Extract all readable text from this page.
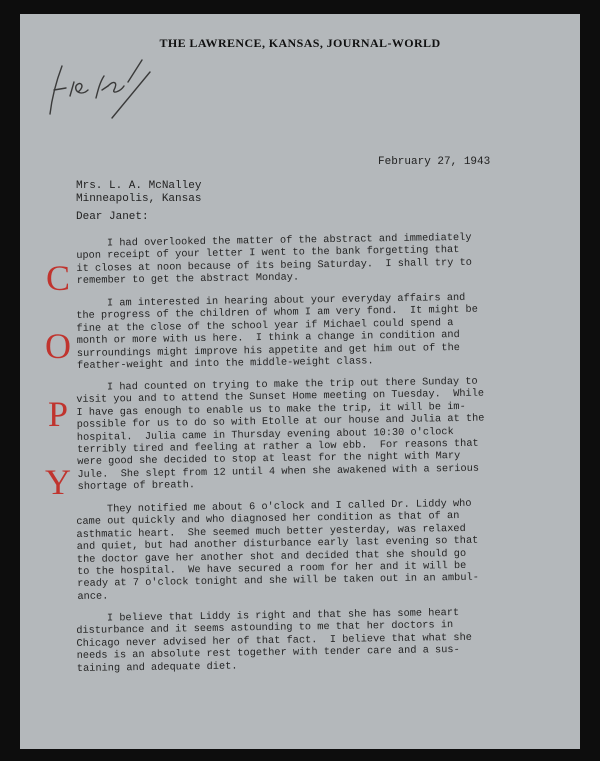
THE LAWRENCE, KANSAS, JOURNAL-WORLD
February 27, 1943
Mrs. L. A. McNalley
Minneapolis, Kansas
Dear Janet:
C
O
P
Y

I had overlooked the matter of the abstract and immediately
upon receipt of your letter I went to the bank forgetting that
it closes at noon because of its being Saturday.  I shall try to
remember to get the abstract Monday.

I am interested in hearing about your everyday affairs and
the progress of the children of whom I am very fond.  It might be
fine at the close of the school year if Michael could spend a
month or more with us here.  I think a change in condition and
surroundings might improve his appetite and get him out of the
feather-weight and into the middle-weight class.

I had counted on trying to make the trip out there Sunday to
visit you and to attend the Sunset Home meeting on Tuesday.  While
I have gas enough to enable us to make the trip, it will be im-
possible for us to do so with Etolle at our house and Julia at the
hospital.  Julia came in Thursday evening about 10:30 o'clock
terribly tired and feeling at rather a low ebb.  For reasons that
were good she decided to stop at least for the night with Mary
Jule.  She slept from 12 until 4 when she awakened with a serious
shortage of breath.

They notified me about 6 o'clock and I called Dr. Liddy who
came out quickly and who diagnosed her condition as that of an
asthmatic heart.  She seemed much better yesterday, was relaxed
and quiet, but had another disturbance early last evening so that
the doctor gave her another shot and decided that she should go
to the hospital.  We have secured a room for her and it will be
ready at 7 o'clock tonight and she will be taken out in an ambul-
ance.

I believe that Liddy is right and that she has some heart
disturbance and it seems astounding to me that her doctors in
Chicago never advised her of that fact.  I believe that what she
needs is an absolute rest together with tender care and a sus-
taining and adequate diet.
